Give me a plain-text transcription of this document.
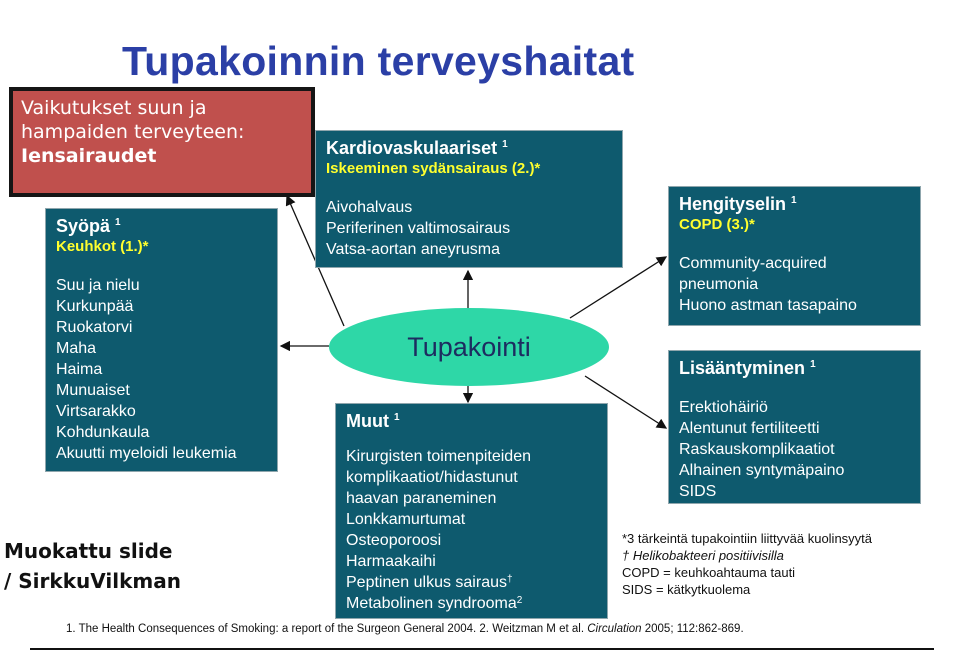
Tupakoinnin terveyshaitat
Vaikutukset suun ja
hampaiden terveyteen:
Iensairaudet
Syöpä $^1$
Keuhkot (1.)*
Suu ja nielu
Kurkunpää
Ruokatorvi
Maha
Haima
Munuaiset
Virtsarakko
Kohdunkaula
Akuutti myeloidi leukemia
Kardiovaskulaariset $^1$
Iskeeminen sydänsairaus (2.)*
Aivohalvaus
Periferinen valtimosairaus
Vatsa-aortan aneyrusma
Hengityselin $^1$
COPD (3.)*
Community-acquired
pneumonia
Huono astman tasapaino
Lisääntyminen $^1$
Erektiohäiriö
Alentunut fertiliteetti
Raskauskomplikaatiot
Alhainen syntymäpaino
SIDS
Muut $^1$
Kirurgisten toimenpiteiden
komplikaatiot/hidastunut
haavan paraneminen
Lonkkamurtumat
Osteoporoosi
Harmaakaihi
Peptinen ulkus sairaus†
Metabolinen syndrooma$^2$
Tupakointi
*3 tärkeintä tupakointiin liittyvää kuolinsyytä
† Helikobakteeri positiivisilla
COPD = keuhkoahtauma tauti
SIDS = kätkytkuolema
Muokattu slide
/ SirkkuVilkman
1. The Health Consequences of Smoking: a report of the Surgeon General 2004. 2. Weitzman M et al. Circulation 2005; 112:862-869.
